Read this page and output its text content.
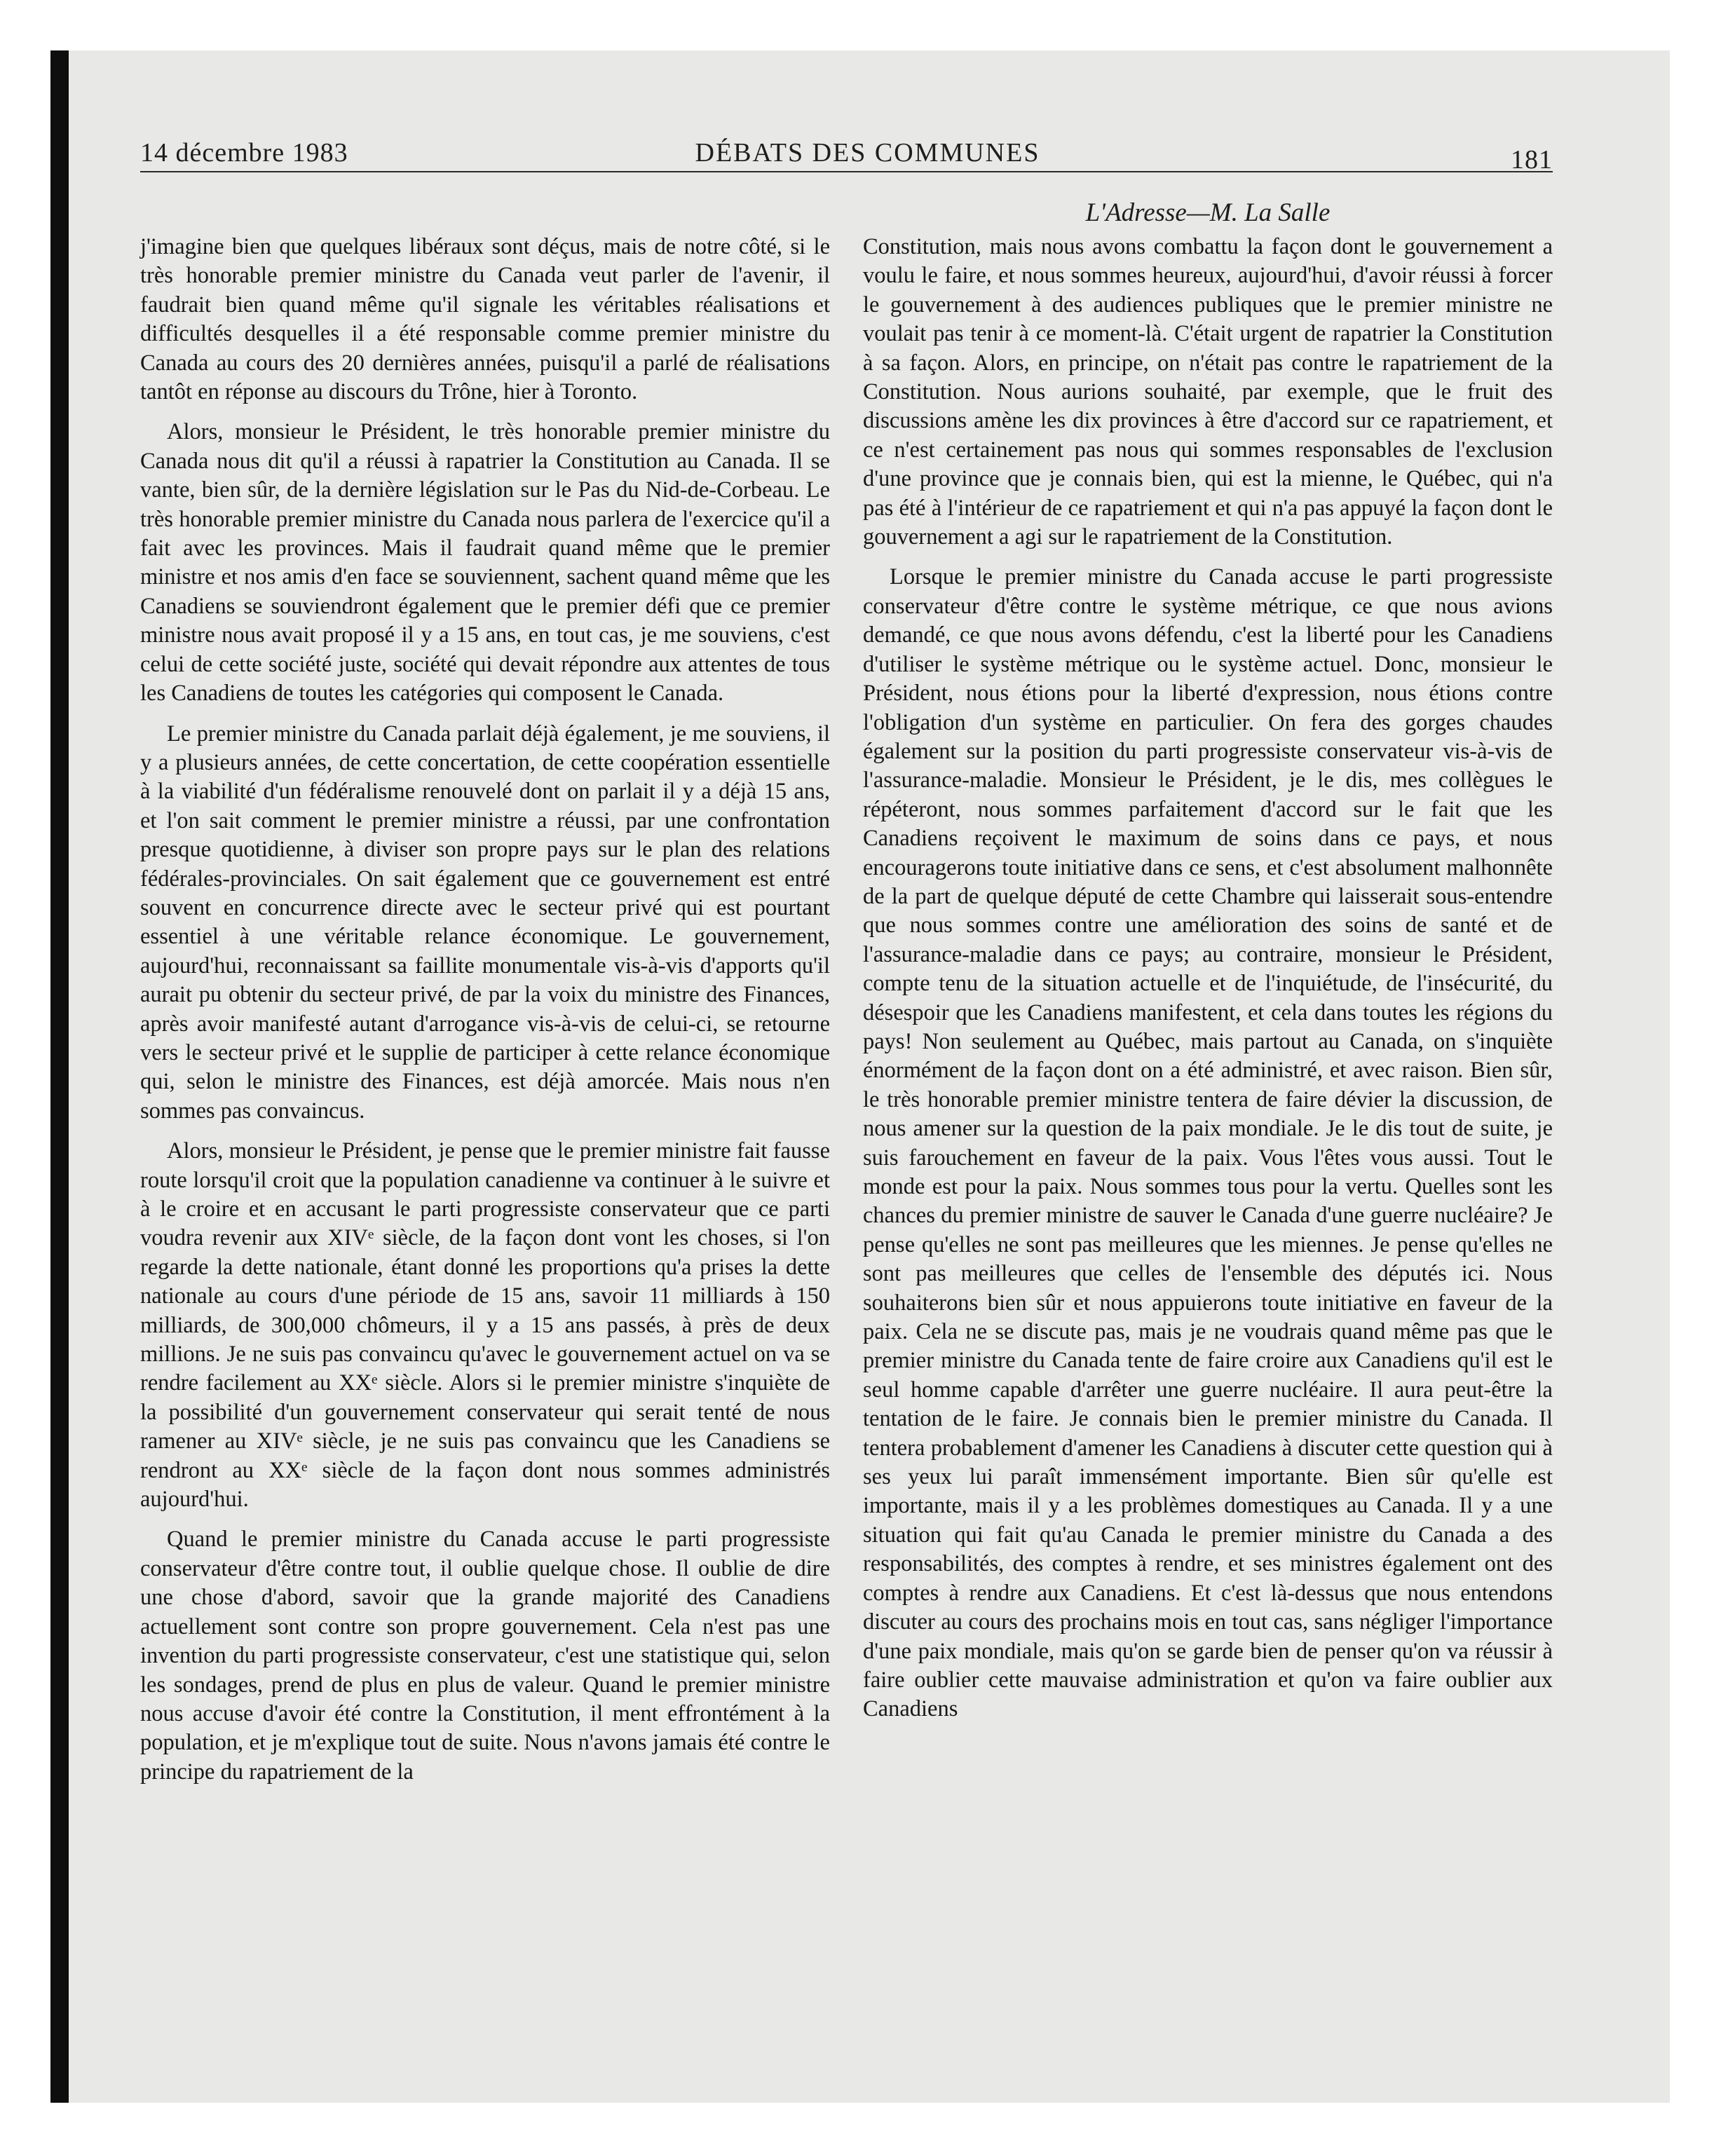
14 décembre 1983	DÉBATS DES COMMUNES	181
L'Adresse—M. La Salle

j'imagine bien que quelques libéraux sont déçus, mais de notre côté, si le très honorable premier ministre du Canada veut parler de l'avenir, il faudrait bien quand même qu'il signale les véritables réalisations et difficultés desquelles il a été responsable comme premier ministre du Canada au cours des 20 dernières années, puisqu'il a parlé de réalisations tantôt en réponse au discours du Trône, hier à Toronto.

Alors, monsieur le Président, le très honorable premier ministre du Canada nous dit qu'il a réussi à rapatrier la Constitution au Canada. Il se vante, bien sûr, de la dernière législation sur le Pas du Nid-de-Corbeau. Le très honorable premier ministre du Canada nous parlera de l'exercice qu'il a fait avec les provinces. Mais il faudrait quand même que le premier ministre et nos amis d'en face se souviennent, sachent quand même que les Canadiens se souviendront également que le premier défi que ce premier ministre nous avait proposé il y a 15 ans, en tout cas, je me souviens, c'est celui de cette société juste, société qui devait répondre aux attentes de tous les Canadiens de toutes les catégories qui composent le Canada.

Le premier ministre du Canada parlait déjà également, je me souviens, il y a plusieurs années, de cette concertation, de cette coopération essentielle à la viabilité d'un fédéralisme renouvelé dont on parlait il y a déjà 15 ans, et l'on sait comment le premier ministre a réussi, par une confrontation presque quotidienne, à diviser son propre pays sur le plan des relations fédérales-provinciales. On sait également que ce gouvernement est entré souvent en concurrence directe avec le secteur privé qui est pourtant essentiel à une véritable relance économique. Le gouvernement, aujourd'hui, reconnaissant sa faillite monumentale vis-à-vis d'apports qu'il aurait pu obtenir du secteur privé, de par la voix du ministre des Finances, après avoir manifesté autant d'arrogance vis-à-vis de celui-ci, se retourne vers le secteur privé et le supplie de participer à cette relance économique qui, selon le ministre des Finances, est déjà amorcée. Mais nous n'en sommes pas convaincus.

Alors, monsieur le Président, je pense que le premier ministre fait fausse route lorsqu'il croit que la population canadienne va continuer à le suivre et à le croire et en accusant le parti progressiste conservateur que ce parti voudra revenir aux XIVᵉ siècle, de la façon dont vont les choses, si l'on regarde la dette nationale, étant donné les proportions qu'a prises la dette nationale au cours d'une période de 15 ans, savoir 11 milliards à 150 milliards, de 300,000 chômeurs, il y a 15 ans passés, à près de deux millions. Je ne suis pas convaincu qu'avec le gouvernement actuel on va se rendre facilement au XXᵉ siècle. Alors si le premier ministre s'inquiète de la possibilité d'un gouvernement conservateur qui serait tenté de nous ramener au XIVᵉ siècle, je ne suis pas convaincu que les Canadiens se rendront au XXᵉ siècle de la façon dont nous sommes administrés aujourd'hui.

Quand le premier ministre du Canada accuse le parti progressiste conservateur d'être contre tout, il oublie quelque chose. Il oublie de dire une chose d'abord, savoir que la grande majorité des Canadiens actuellement sont contre son propre gouvernement. Cela n'est pas une invention du parti progressiste conservateur, c'est une statistique qui, selon les sondages, prend de plus en plus de valeur. Quand le premier ministre nous accuse d'avoir été contre la Constitution, il ment effrontément à la population, et je m'explique tout de suite. Nous n'avons jamais été contre le principe du rapatriement de la

Constitution, mais nous avons combattu la façon dont le gouvernement a voulu le faire, et nous sommes heureux, aujourd'hui, d'avoir réussi à forcer le gouvernement à des audiences publiques que le premier ministre ne voulait pas tenir à ce moment-là. C'était urgent de rapatrier la Constitution à sa façon. Alors, en principe, on n'était pas contre le rapatriement de la Constitution. Nous aurions souhaité, par exemple, que le fruit des discussions amène les dix provinces à être d'accord sur ce rapatriement, et ce n'est certainement pas nous qui sommes responsables de l'exclusion d'une province que je connais bien, qui est la mienne, le Québec, qui n'a pas été à l'intérieur de ce rapatriement et qui n'a pas appuyé la façon dont le gouvernement a agi sur le rapatriement de la Constitution.

Lorsque le premier ministre du Canada accuse le parti progressiste conservateur d'être contre le système métrique, ce que nous avions demandé, ce que nous avons défendu, c'est la liberté pour les Canadiens d'utiliser le système métrique ou le système actuel. Donc, monsieur le Président, nous étions pour la liberté d'expression, nous étions contre l'obligation d'un système en particulier. On fera des gorges chaudes également sur la position du parti progressiste conservateur vis-à-vis de l'assurance-maladie. Monsieur le Président, je le dis, mes collègues le répéteront, nous sommes parfaitement d'accord sur le fait que les Canadiens reçoivent le maximum de soins dans ce pays, et nous encouragerons toute initiative dans ce sens, et c'est absolument malhonnête de la part de quelque député de cette Chambre qui laisserait sous-entendre que nous sommes contre une amélioration des soins de santé et de l'assurance-maladie dans ce pays; au contraire, monsieur le Président, compte tenu de la situation actuelle et de l'inquiétude, de l'insécurité, du désespoir que les Canadiens manifestent, et cela dans toutes les régions du pays! Non seulement au Québec, mais partout au Canada, on s'inquiète énormément de la façon dont on a été administré, et avec raison. Bien sûr, le très honorable premier ministre tentera de faire dévier la discussion, de nous amener sur la question de la paix mondiale. Je le dis tout de suite, je suis farouchement en faveur de la paix. Vous l'êtes vous aussi. Tout le monde est pour la paix. Nous sommes tous pour la vertu. Quelles sont les chances du premier ministre de sauver le Canada d'une guerre nucléaire? Je pense qu'elles ne sont pas meilleures que les miennes. Je pense qu'elles ne sont pas meilleures que celles de l'ensemble des députés ici. Nous souhaiterons bien sûr et nous appuierons toute initiative en faveur de la paix. Cela ne se discute pas, mais je ne voudrais quand même pas que le premier ministre du Canada tente de faire croire aux Canadiens qu'il est le seul homme capable d'arrêter une guerre nucléaire. Il aura peut-être la tentation de le faire. Je connais bien le premier ministre du Canada. Il tentera probablement d'amener les Canadiens à discuter cette question qui à ses yeux lui paraît immensément importante. Bien sûr qu'elle est importante, mais il y a les problèmes domestiques au Canada. Il y a une situation qui fait qu'au Canada le premier ministre du Canada a des responsabilités, des comptes à rendre, et ses ministres également ont des comptes à rendre aux Canadiens. Et c'est là-dessus que nous entendons discuter au cours des prochains mois en tout cas, sans négliger l'importance d'une paix mondiale, mais qu'on se garde bien de penser qu'on va réussir à faire oublier cette mauvaise administration et qu'on va faire oublier aux Canadiens
